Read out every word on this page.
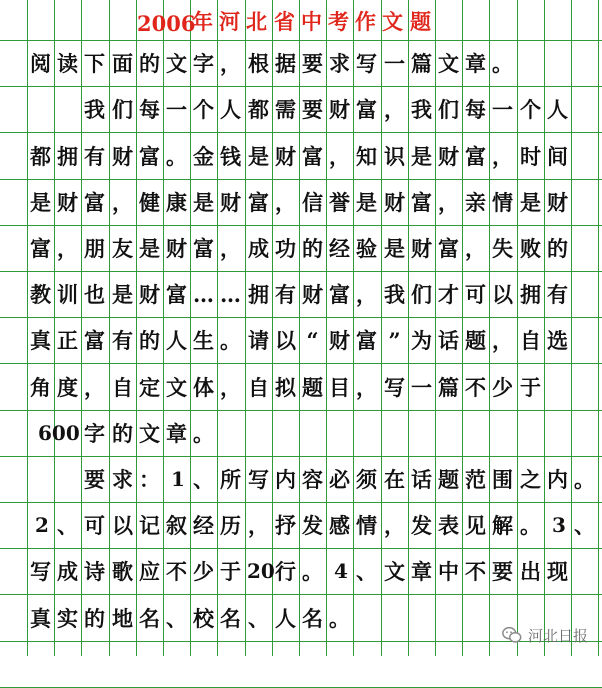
2006
年 河 北 省 中 考 作 文 题
阅 读 下 面 的 文 字 ， 根 据 要 求 写 一 篇 文 章 。
我 们 每 一 个 人 都 需 要 财 富 ， 我 们 每 一 个 人
都 拥 有 财 富 。 金 钱 是 财 富 ， 知 识 是 财 富 ， 时 间
是 财 富 ， 健 康 是 财 富 ， 信 誉 是 财 富 ， 亲 情 是 财
富 ， 朋 友 是 财 富 ， 成 功 的 经 验 是 财 富 ， 失 败 的
教 训 也 是 财 富 … … 拥 有 财 富 ， 我 们 才 可 以 拥 有
真 正 富 有 的 人 生 。 请 以 “ 财 富 ” 为 话 题 ， 自 选
角 度 ， 自 定 文 体 ， 自 拟 题 目 ， 写 一 篇 不 少 于
600 字 的 文 章 。
要 求 ： 1 、 所 写 内 容 必 须 在 话 题 范 围 之 内 。
2 、 可 以 记 叙 经 历 ， 抒 发 感 情 ， 发 表 见 解 。 3 、
写 成 诗 歌 应 不 少 于 20 行 。 4 、 文 章 中 不 要 出 现
真 实 的 地 名 、 校 名 、 人 名 。
河北日报
